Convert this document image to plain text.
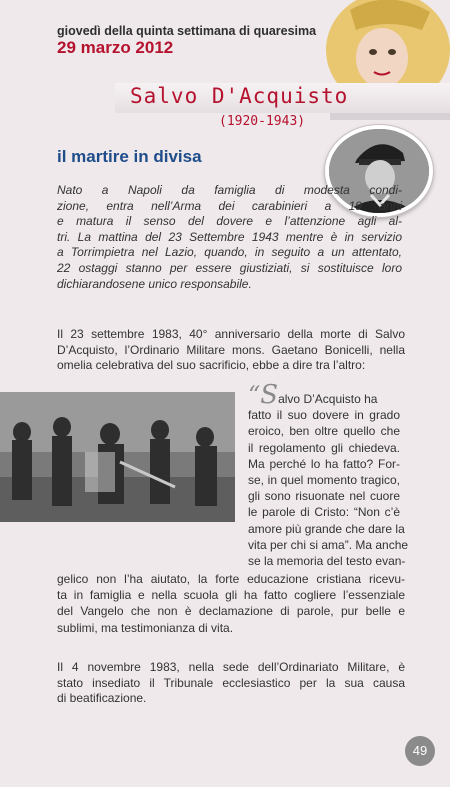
giovedì della quinta settimana di quaresima
29 marzo 2012
Salvo D'Acquisto
(1920-1943)
il martire in divisa
Nato a Napoli da famiglia di modesta condi-
zione, entra nell’Arma dei carabinieri a 19 anni
e matura il senso del dovere e l’attenzione agli al-
tri. La mattina del 23 Settembre 1943 mentre è in servizio
a Torrimpietra nel Lazio, quando, in seguito a un attentato,
22 ostaggi stanno per essere giustiziati, si sostituisce loro
dichiarandosene unico responsabile.
Il 23 settembre 1983, 40° anniversario della morte di Salvo
D’Acquisto, l’Ordinario Militare mons. Gaetano Bonicelli, nella
omelia celebrativa del suo sacrificio, ebbe a dire tra l’altro:
“Salvo D’Acquisto ha
fatto il suo dovere in grado
eroico, ben oltre quello che
il regolamento gli chiedeva.
Ma perché lo ha fatto? For-
se, in quel momento tragico,
gli sono risuonate nel cuore
le parole di Cristo: “Non c’è
amore più grande che dare la
vita per chi si ama”. Ma anche
se la memoria del testo evan-
gelico non l’ha aiutato, la forte educazione cristiana ricevu-
ta in famiglia e nella scuola gli ha fatto cogliere l’essenziale
del Vangelo che non è declamazione di parole, pur belle e
sublimi, ma testimonianza di vita.
Il 4 novembre 1983, nella sede dell’Ordinariato Militare, è
stato insediato il Tribunale ecclesiastico per la sua causa
di beatificazione.
49
